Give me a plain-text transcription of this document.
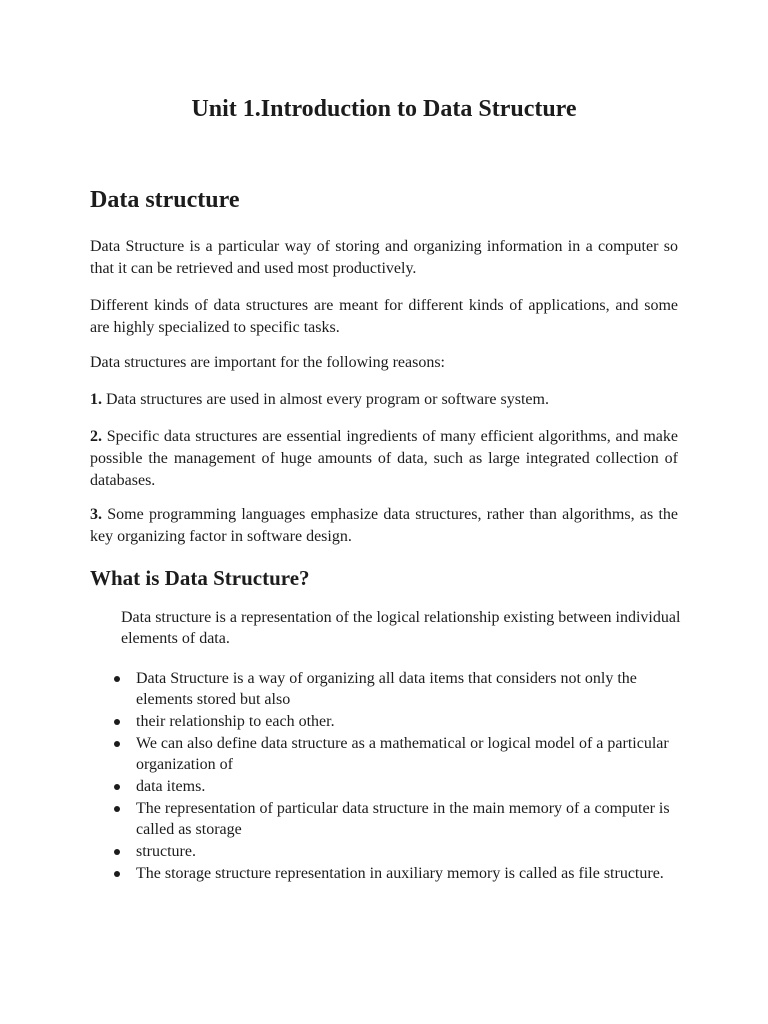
Unit 1.Introduction to Data Structure
Data structure

Data Structure is a particular way of storing and organizing information in a computer so that it can be retrieved and used most productively.

Different kinds of data structures are meant for different kinds of applications, and some are highly specialized to specific tasks.

Data structures are important for the following reasons:

1. Data structures are used in almost every program or software system.

2. Specific data structures are essential ingredients of many efficient algorithms, and make possible the management of huge amounts of data, such as large integrated collection of databases.

3. Some programming languages emphasize data structures, rather than algorithms, as the key organizing factor in software design.

What is Data Structure?

Data structure is a representation of the logical relationship existing between individual elements of data.

Data Structure is a way of organizing all data items that considers not only the elements stored but also
their relationship to each other.
We can also define data structure as a mathematical or logical model of a particular organization of
data items.
The representation of particular data structure in the main memory of a computer is called as storage
structure.
The storage structure representation in auxiliary memory is called as file structure.
